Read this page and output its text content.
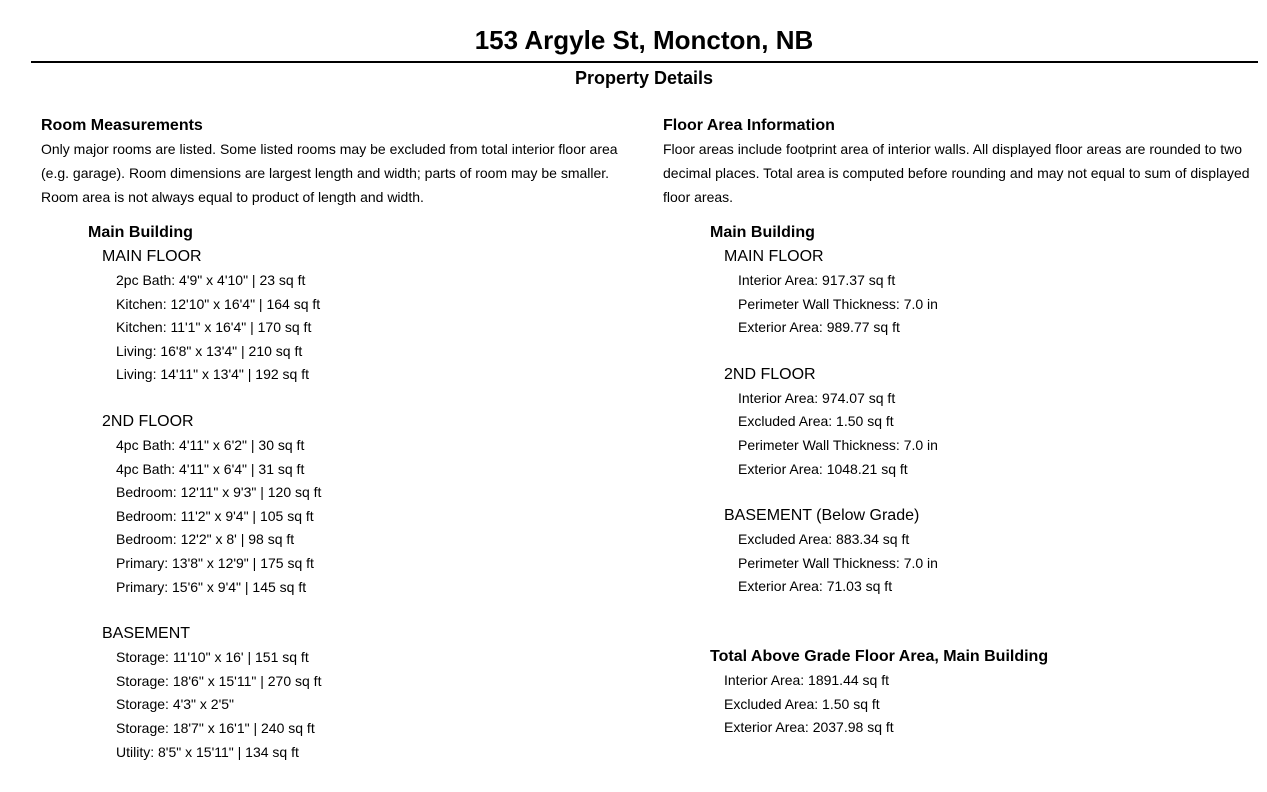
153 Argyle St, Moncton, NB
Property Details
Room Measurements
Only major rooms are listed. Some listed rooms may be excluded from total interior floor area
(e.g. garage). Room dimensions are largest length and width; parts of room may be smaller.
Room area is not always equal to product of length and width.
Main Building
MAIN FLOOR
2pc Bath: 4'9" x 4'10" | 23 sq ft
Kitchen: 12'10" x 16'4" | 164 sq ft
Kitchen: 11'1" x 16'4" | 170 sq ft
Living: 16'8" x 13'4" | 210 sq ft
Living: 14'11" x 13'4" | 192 sq ft
2ND FLOOR
4pc Bath: 4'11" x 6'2" | 30 sq ft
4pc Bath: 4'11" x 6'4" | 31 sq ft
Bedroom: 12'11" x 9'3" | 120 sq ft
Bedroom: 11'2" x 9'4" | 105 sq ft
Bedroom: 12'2" x 8' | 98 sq ft
Primary: 13'8" x 12'9" | 175 sq ft
Primary: 15'6" x 9'4" | 145 sq ft
BASEMENT
Storage: 11'10" x 16' | 151 sq ft
Storage: 18'6" x 15'11" | 270 sq ft
Storage: 4'3" x 2'5"
Storage: 18'7" x 16'1" | 240 sq ft
Utility: 8'5" x 15'11" | 134 sq ft
Floor Area Information
Floor areas include footprint area of interior walls. All displayed floor areas are rounded to two
decimal places. Total area is computed before rounding and may not equal to sum of displayed
floor areas.
Main Building
MAIN FLOOR
Interior Area: 917.37 sq ft
Perimeter Wall Thickness: 7.0 in
Exterior Area: 989.77 sq ft
2ND FLOOR
Interior Area: 974.07 sq ft
Excluded Area: 1.50 sq ft
Perimeter Wall Thickness: 7.0 in
Exterior Area: 1048.21 sq ft
BASEMENT (Below Grade)
Excluded Area: 883.34 sq ft
Perimeter Wall Thickness: 7.0 in
Exterior Area: 71.03 sq ft
Total Above Grade Floor Area, Main Building
Interior Area: 1891.44 sq ft
Excluded Area: 1.50 sq ft
Exterior Area: 2037.98 sq ft
